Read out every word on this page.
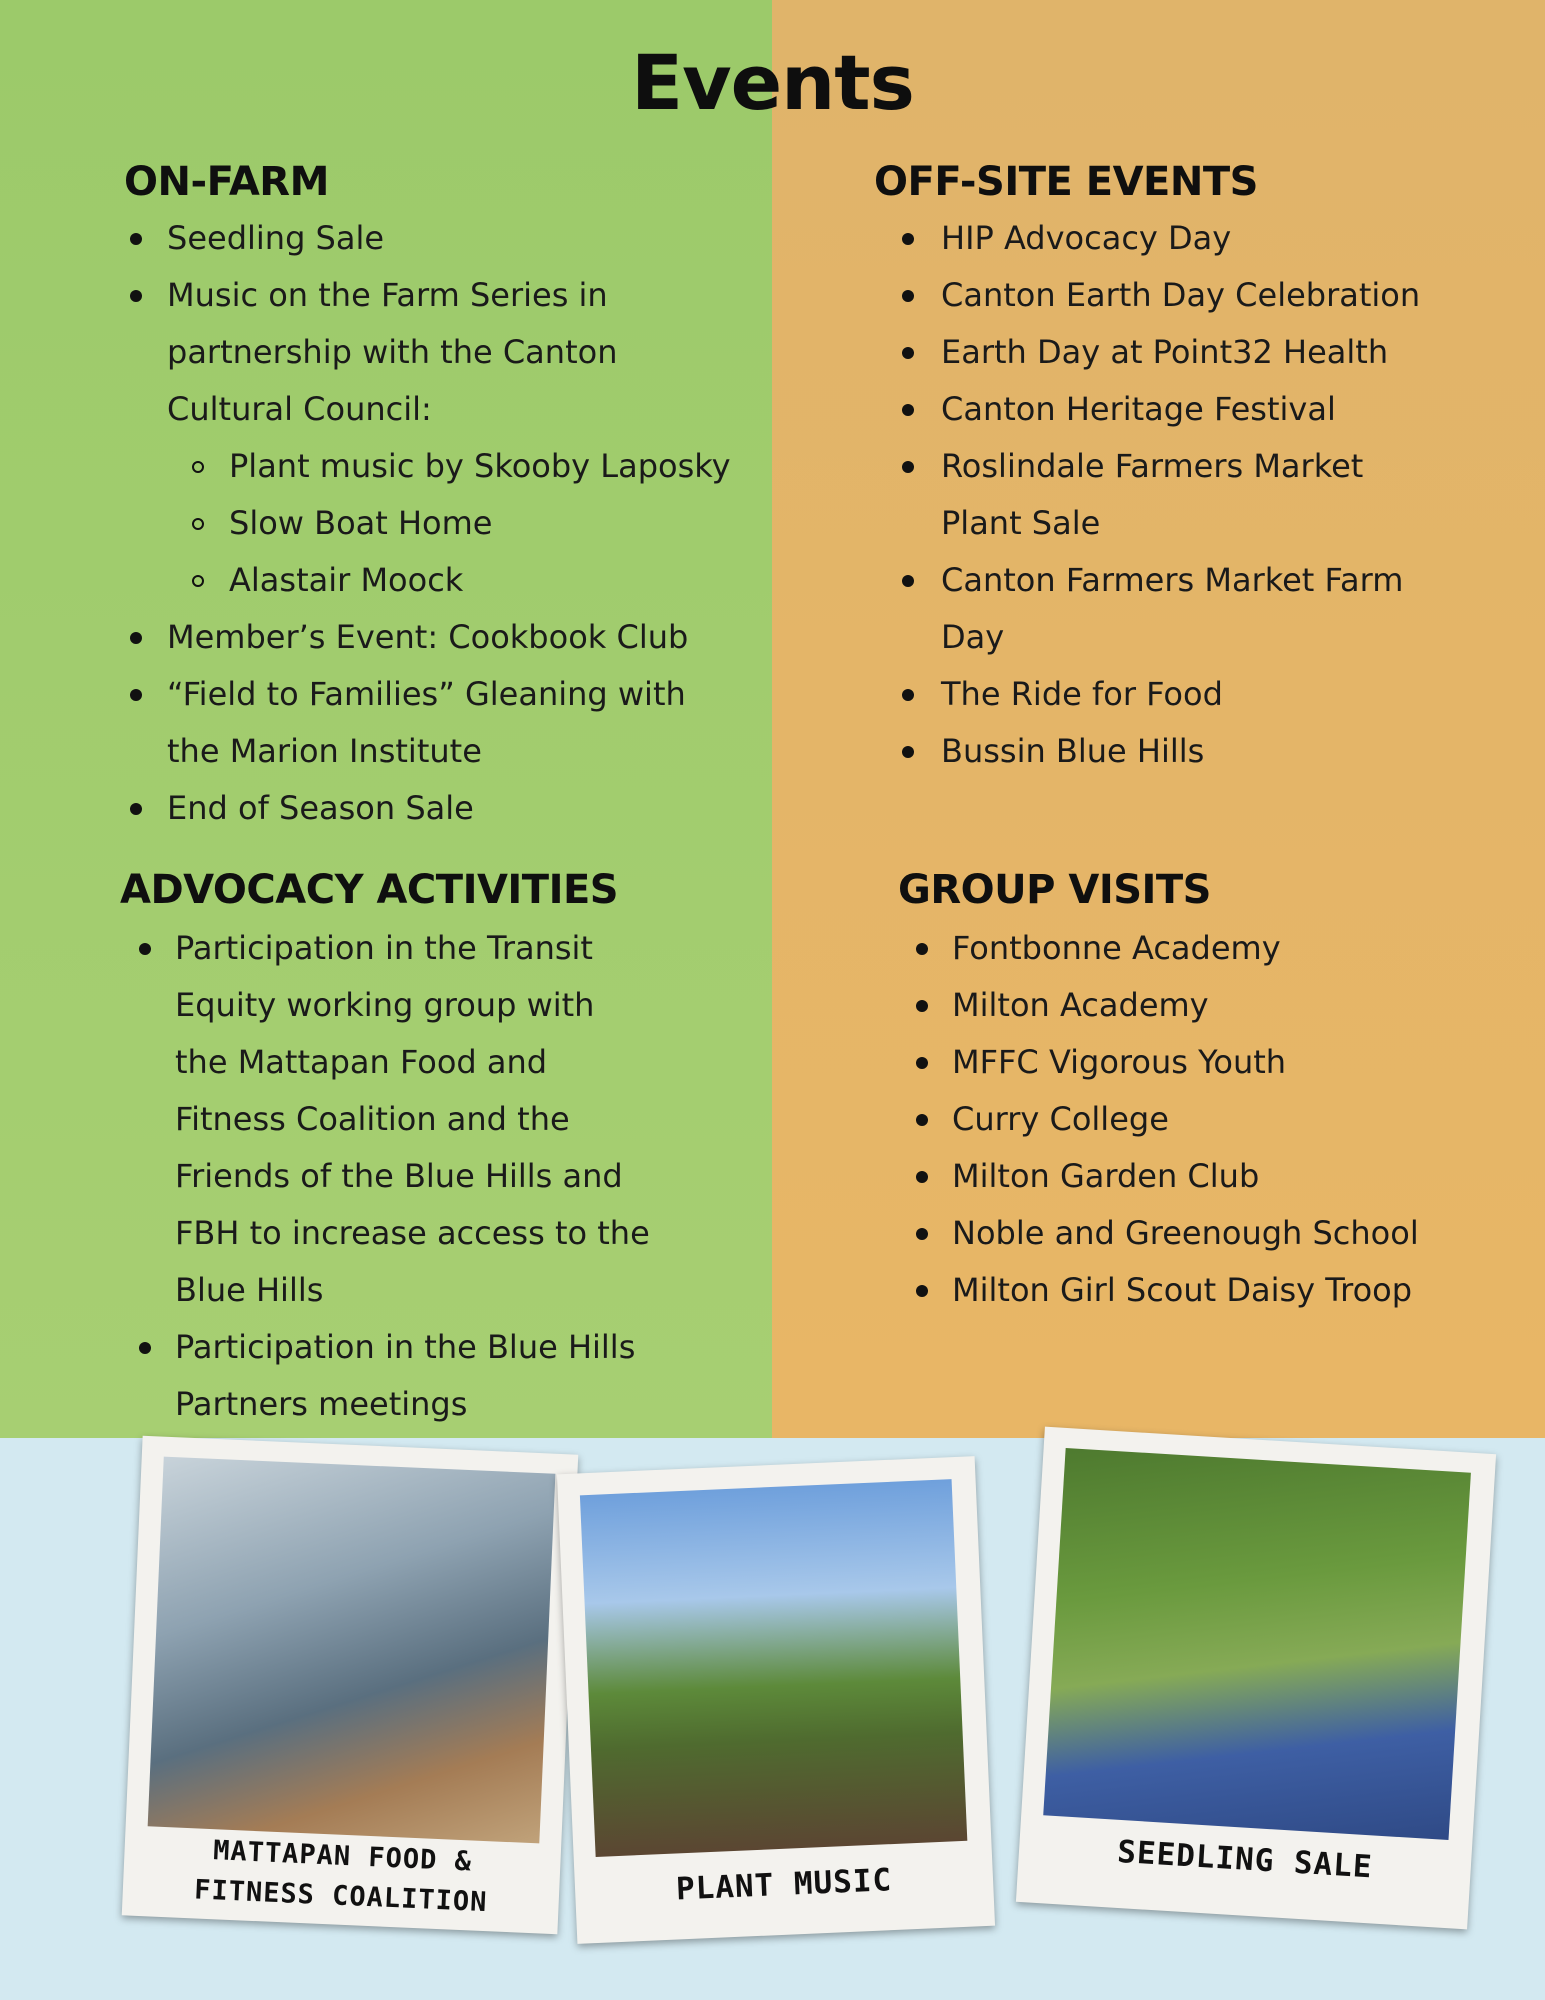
Events
ON-FARM
Seedling Sale
Music on the Farm Series in
partnership with the Canton
Cultural Council:
Plant music by Skooby Laposky
Slow Boat Home
Alastair Moock
Member’s Event: Cookbook Club
“Field to Families” Gleaning with
the Marion Institute
End of Season Sale
ADVOCACY ACTIVITIES
Participation in the Transit
Equity working group with
the Mattapan Food and
Fitness Coalition and the
Friends of the Blue Hills and
FBH to increase access to the
Blue Hills
Participation in the Blue Hills
Partners meetings
OFF-SITE EVENTS
HIP Advocacy Day
Canton Earth Day Celebration
Earth Day at Point32 Health
Canton Heritage Festival
Roslindale Farmers Market
Plant Sale
Canton Farmers Market Farm
Day
The Ride for Food
Bussin Blue Hills
GROUP VISITS
Fontbonne Academy
Milton Academy
MFFC Vigorous Youth
Curry College
Milton Garden Club
Noble and Greenough School
Milton Girl Scout Daisy Troop
MATTAPAN FOOD &
FITNESS COALITION	PLANT MUSIC	SEEDLING SALE
